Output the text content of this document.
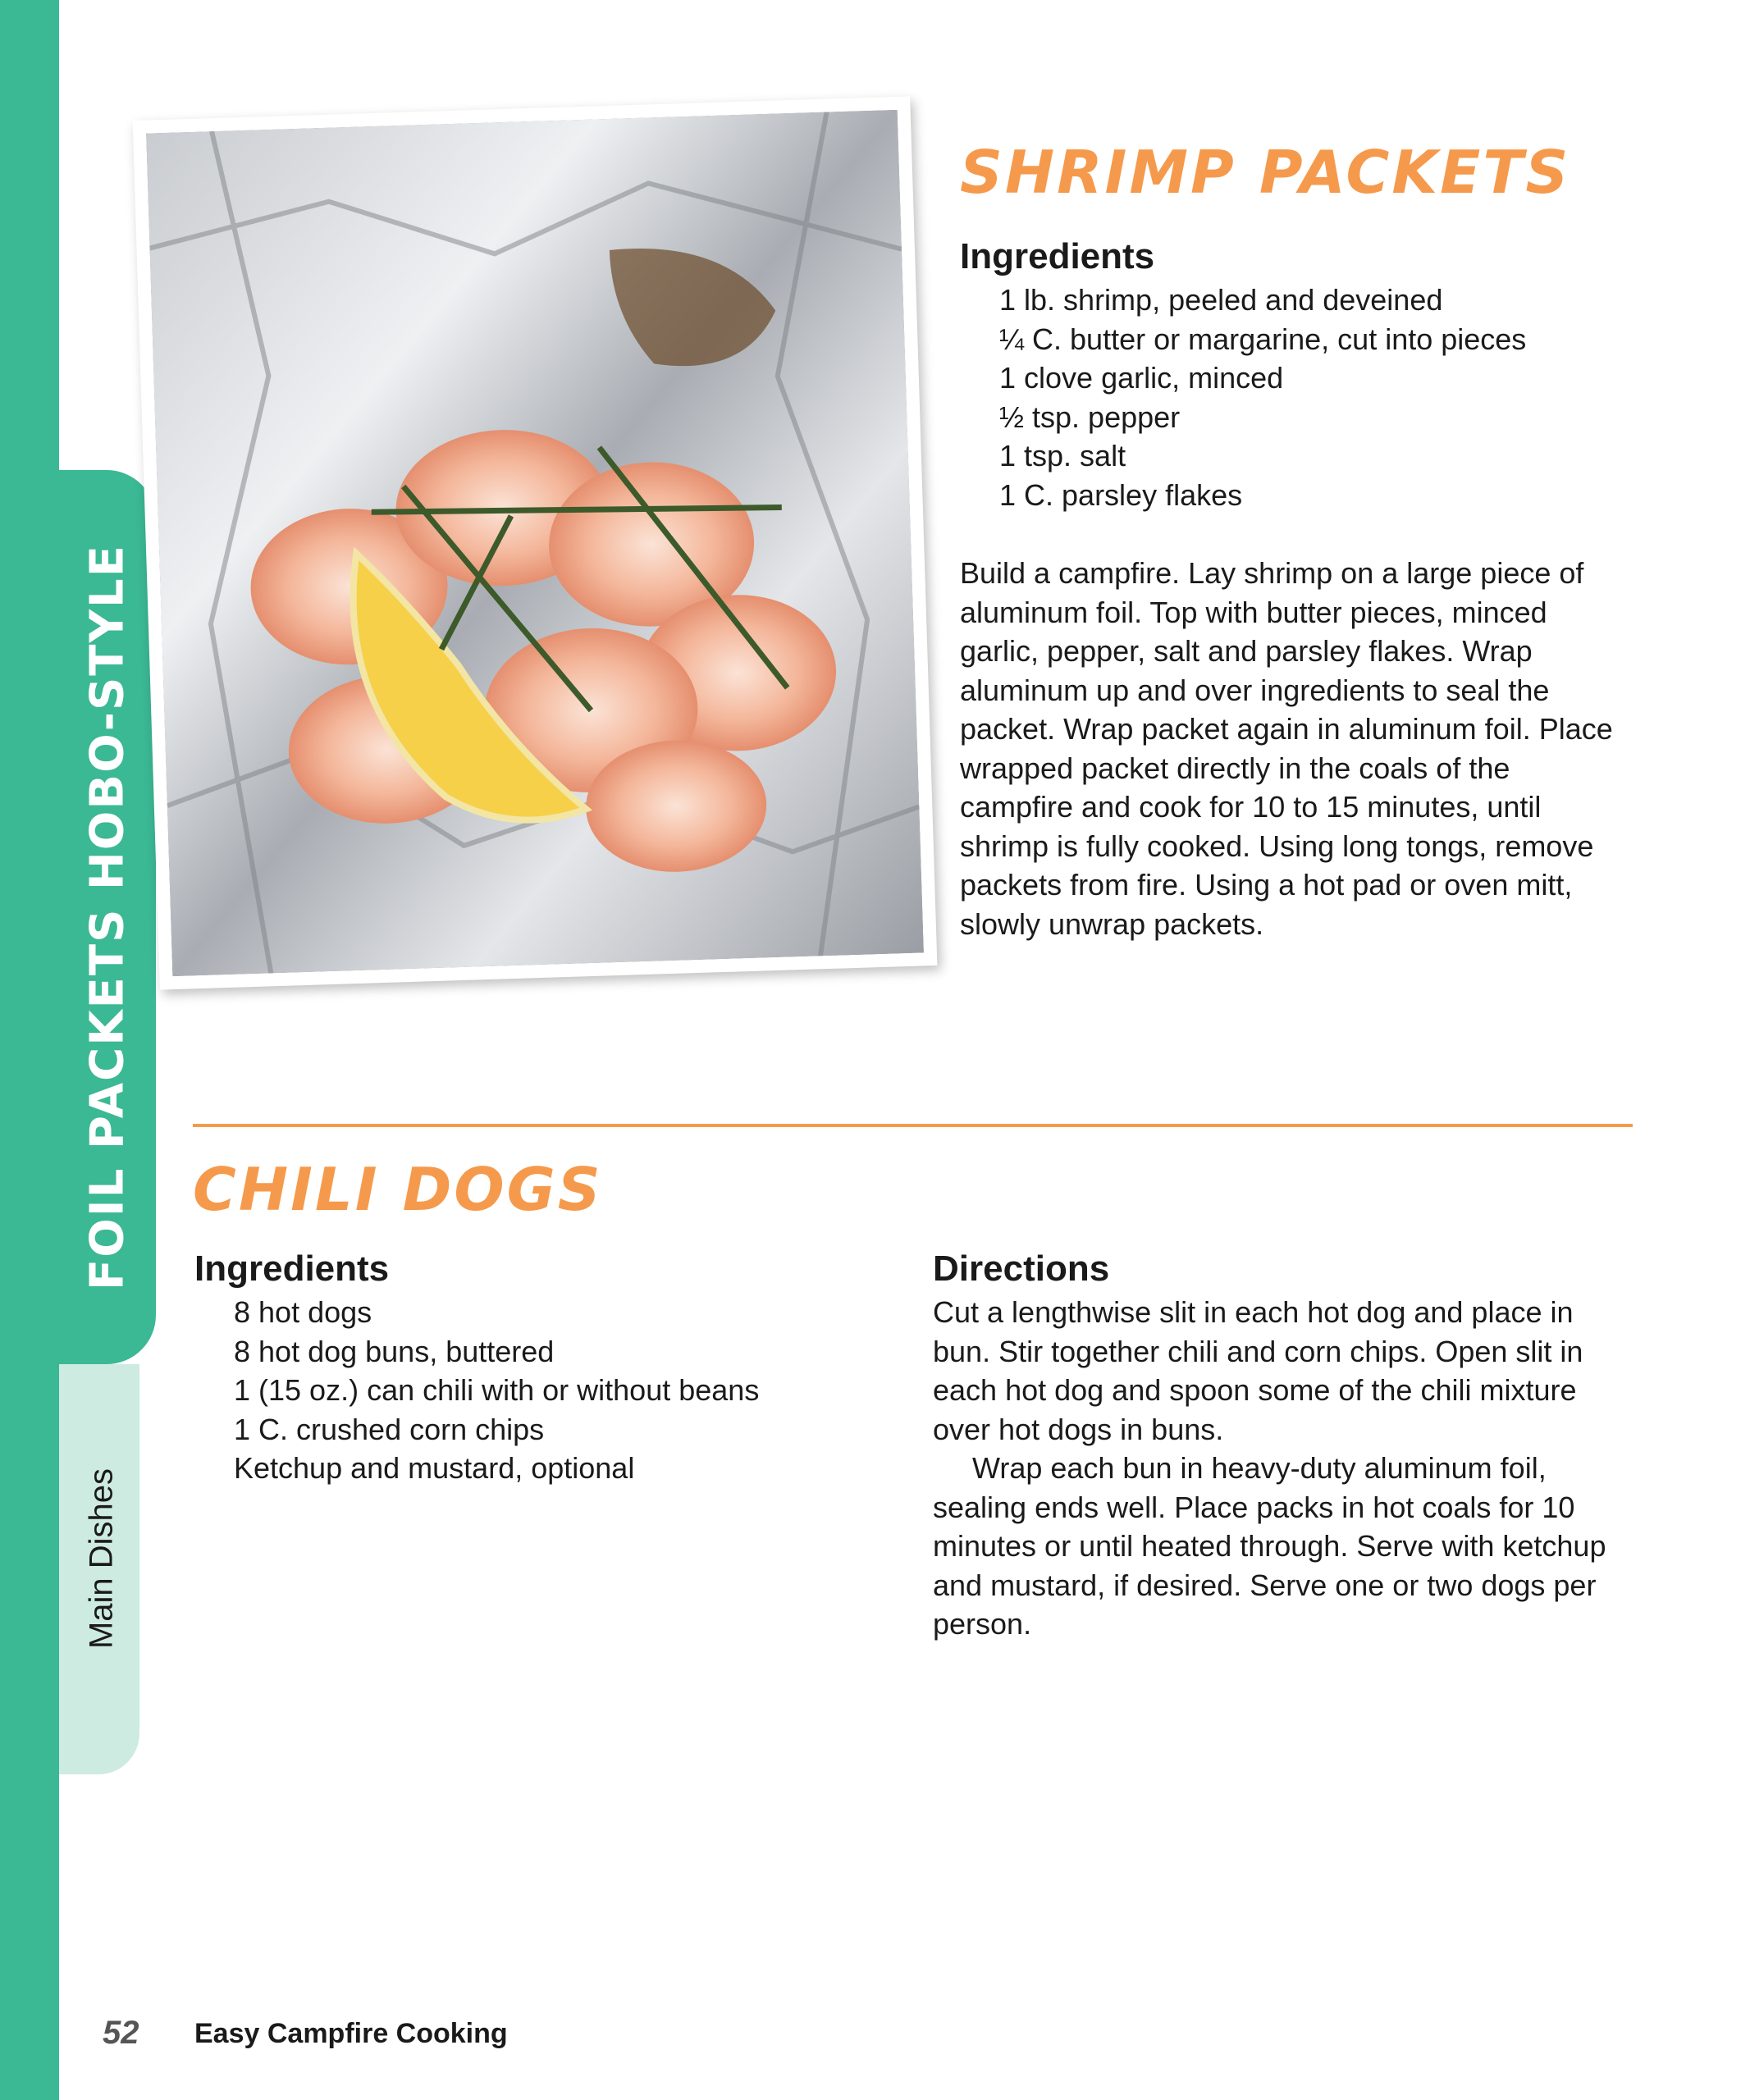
FOIL PACKETS HOBO-STYLE
Main Dishes
SHRIMP PACKETS
Ingredients
1 lb. shrimp, peeled and deveined
¼ C. butter or margarine, cut into pieces
1 clove garlic, minced
½ tsp. pepper
1 tsp. salt
1 C. parsley flakes

Build a campfire. Lay shrimp on a large piece of aluminum foil. Top with butter pieces, minced garlic, pepper, salt and parsley flakes. Wrap aluminum up and over ingredients to seal the packet. Wrap packet again in aluminum foil. Place wrapped packet directly in the coals of the campfire and cook for 10 to 15 minutes, until shrimp is fully cooked. Using long tongs, remove packets from fire. Using a hot pad or oven mitt, slowly unwrap packets.

CHILI DOGS
Ingredients
8 hot dogs
8 hot dog buns, buttered
1 (15 oz.) can chili with or without beans
1 C. crushed corn chips
Ketchup and mustard, optional
Directions

Cut a lengthwise slit in each hot dog and place in bun. Stir together chili and corn chips. Open slit in each hot dog and spoon some of the chili mixture over hot dogs in buns.

Wrap each bun in heavy-duty aluminum foil, sealing ends well. Place packs in hot coals for 10 minutes or until heated through. Serve with ketchup and mustard, if desired. Serve one or two dogs per person.

52 Easy Campfire Cooking
